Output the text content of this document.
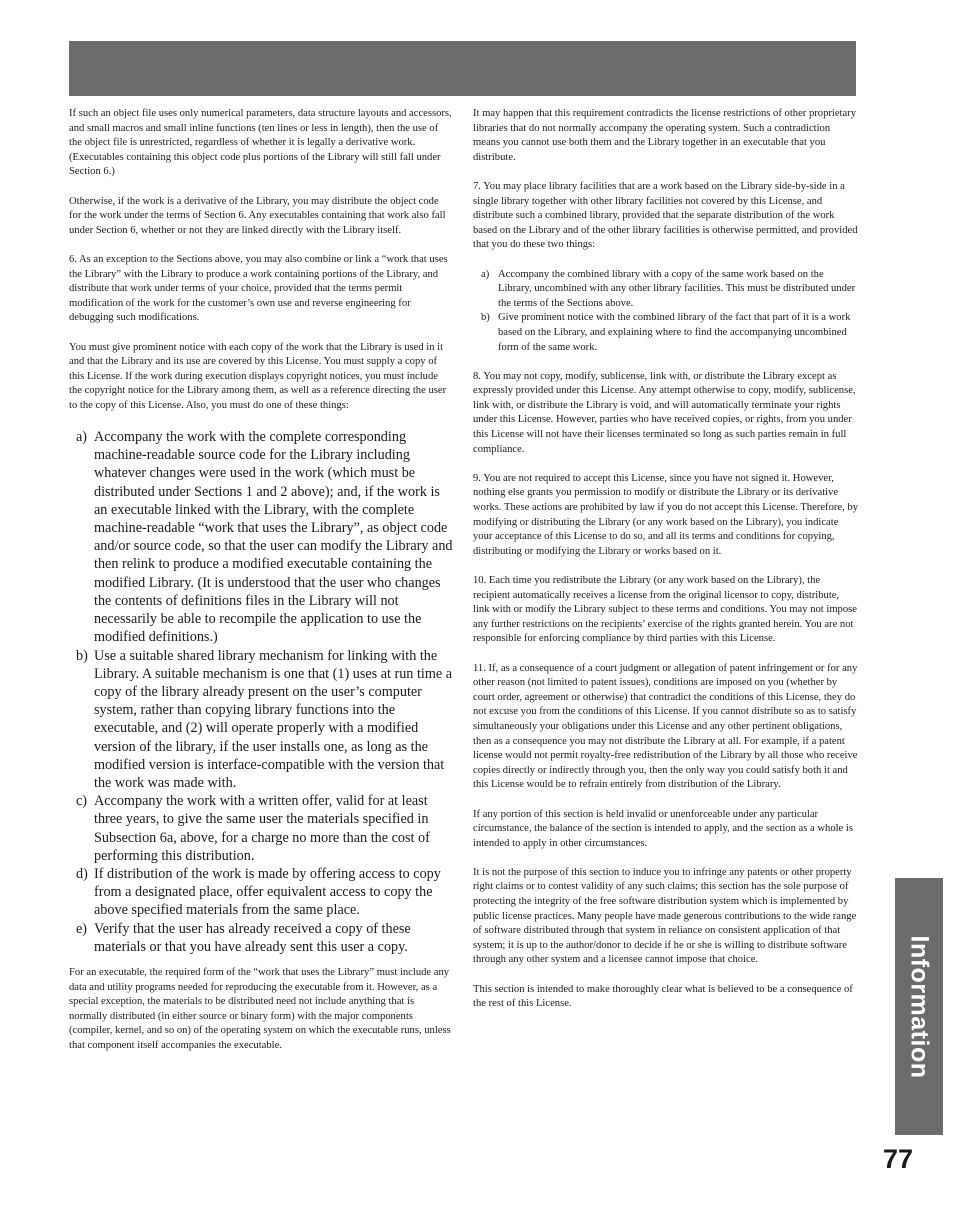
If such an object file uses only numerical parameters, data structure layouts and accessors, and small macros and small inline functions (ten lines or less in length), then the use of the object file is unrestricted, regardless of whether it is legally a derivative work. (Executables containing this object code plus portions of the Library will still fall under Section 6.)

Otherwise, if the work is a derivative of the Library, you may distribute the object code for the work under the terms of Section 6. Any executables containing that work also fall under Section 6, whether or not they are linked directly with the Library itself.

6. As an exception to the Sections above, you may also combine or link a “work that uses the Library” with the Library to produce a work containing portions of the Library, and distribute that work under terms of your choice, provided that the terms permit modification of the work for the customer’s own use and reverse engineering for debugging such modifications.

You must give prominent notice with each copy of the work that the Library is used in it and that the Library and its use are covered by this License. You must supply a copy of this License. If the work during execution displays copyright notices, you must include the copyright notice for the Library among them, as well as a reference directing the user to the copy of this License. Also, you must do one of these things:

a) Accompany the work with the complete corresponding machine-readable source code for the Library including whatever changes were used in the work (which must be distributed under Sections 1 and 2 above); and, if the work is an executable linked with the Library, with the complete machine-readable “work that uses the Library”, as object code and/or source code, so that the user can modify the Library and then relink to produce a modified executable containing the modified Library. (It is understood that the user who changes the contents of definitions files in the Library will not necessarily be able to recompile the application to use the modified definitions.)
b) Use a suitable shared library mechanism for linking with the Library. A suitable mechanism is one that (1) uses at run time a copy of the library already present on the user’s computer system, rather than copying library functions into the executable, and (2) will operate properly with a modified version of the library, if the user installs one, as long as the modified version is interface-compatible with the version that the work was made with.
c) Accompany the work with a written offer, valid for at least three years, to give the same user the materials specified in Subsection 6a, above, for a charge no more than the cost of performing this distribution.
d) If distribution of the work is made by offering access to copy from a designated place, offer equivalent access to copy the above specified materials from the same place.
e) Verify that the user has already received a copy of these materials or that you have already sent this user a copy.

For an executable, the required form of the “work that uses the Library” must include any data and utility programs needed for reproducing the executable from it. However, as a special exception, the materials to be distributed need not include anything that is normally distributed (in either source or binary form) with the major components (compiler, kernel, and so on) of the operating system on which the executable runs, unless that component itself accompanies the executable.

It may happen that this requirement contradicts the license restrictions of other proprietary libraries that do not normally accompany the operating system. Such a contradiction means you cannot use both them and the Library together in an executable that you distribute.

7. You may place library facilities that are a work based on the Library side-by-side in a single library together with other library facilities not covered by this License, and distribute such a combined library, provided that the separate distribution of the work based on the Library and of the other library facilities is otherwise permitted, and provided that you do these two things:

a) Accompany the combined library with a copy of the same work based on the Library, uncombined with any other library facilities. This must be distributed under the terms of the Sections above.
b) Give prominent notice with the combined library of the fact that part of it is a work based on the Library, and explaining where to find the accompanying uncombined form of the same work.

8. You may not copy, modify, sublicense, link with, or distribute the Library except as expressly provided under this License. Any attempt otherwise to copy, modify, sublicense, link with, or distribute the Library is void, and will automatically terminate your rights under this License. However, parties who have received copies, or rights, from you under this License will not have their licenses terminated so long as such parties remain in full compliance.

9. You are not required to accept this License, since you have not signed it. However, nothing else grants you permission to modify or distribute the Library or its derivative works. These actions are prohibited by law if you do not accept this License. Therefore, by modifying or distributing the Library (or any work based on the Library), you indicate your acceptance of this License to do so, and all its terms and conditions for copying, distributing or modifying the Library or works based on it.

10. Each time you redistribute the Library (or any work based on the Library), the recipient automatically receives a license from the original licensor to copy, distribute, link with or modify the Library subject to these terms and conditions. You may not impose any further restrictions on the recipients’ exercise of the rights granted herein. You are not responsible for enforcing compliance by third parties with this License.

11. If, as a consequence of a court judgment or allegation of patent infringement or for any other reason (not limited to patent issues), conditions are imposed on you (whether by court order, agreement or otherwise) that contradict the conditions of this License, they do not excuse you from the conditions of this License. If you cannot distribute so as to satisfy simultaneously your obligations under this License and any other pertinent obligations, then as a consequence you may not distribute the Library at all. For example, if a patent license would not permit royalty-free redistribution of the Library by all those who receive copies directly or indirectly through you, then the only way you could satisfy both it and this License would be to refrain entirely from distribution of the Library.

If any portion of this section is held invalid or unenforceable under any particular circumstance, the balance of the section is intended to apply, and the section as a whole is intended to apply in other circumstances.

It is not the purpose of this section to induce you to infringe any patents or other property right claims or to contest validity of any such claims; this section has the sole purpose of protecting the integrity of the free software distribution system which is implemented by public license practices. Many people have made generous contributions to the wide range of software distributed through that system in reliance on consistent application of that system; it is up to the author/donor to decide if he or she is willing to distribute software through any other system and a licensee cannot impose that choice.

This section is intended to make thoroughly clear what is believed to be a consequence of the rest of this License.	Information
77
